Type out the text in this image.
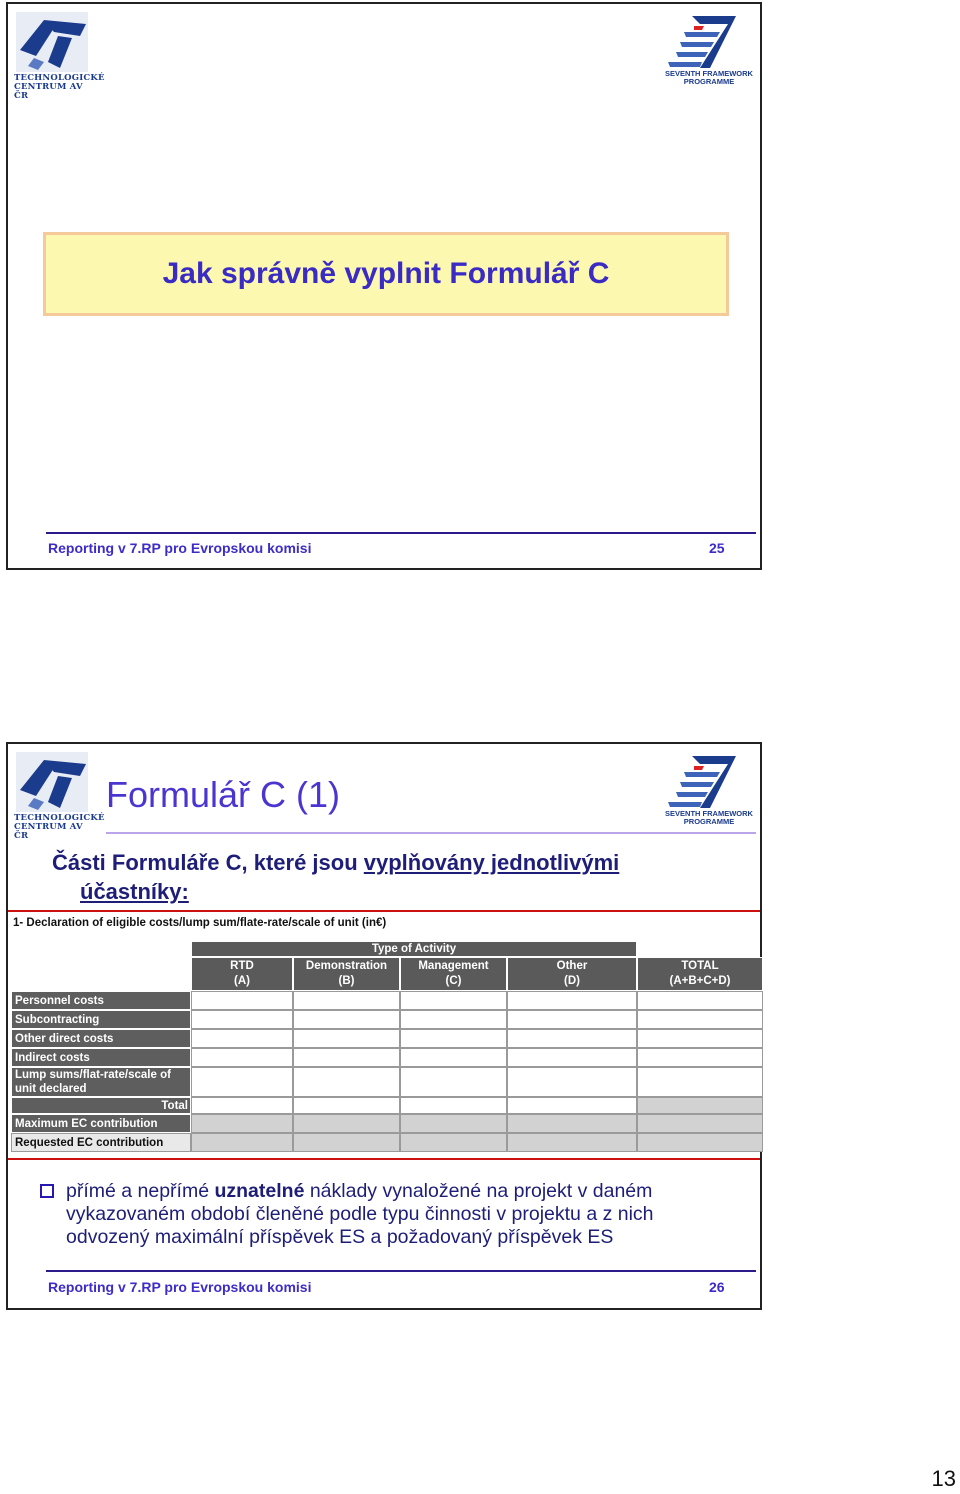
TECHNOLOGICKÉ
CENTRUM AV ČR
SEVENTH FRAMEWORK
PROGRAMME
Jak správně vyplnit Formulář C
Reporting v 7.RP pro Evropskou komisi	25
TECHNOLOGICKÉ
CENTRUM AV ČR
SEVENTH FRAMEWORK
PROGRAMME
Formulář C (1)
Části Formuláře C, které jsou vyplňovány jednotlivými
účastníky:
1- Declaration of eligible costs/lump sum/flate-rate/scale of unit (in€)
Type of Activity
RTD
(A)
Demonstration
(B)
Management
(C)
Other
(D)
TOTAL
(A+B+C+D)
Personnel costs
Subcontracting
Other direct costs
Indirect costs
Lump sums/flat-rate/scale of unit declared
Total
Maximum EC contribution
Requested EC contribution
přímé a nepřímé uznatelné náklady vynaložené na projekt v daném vykazovaném období členěné podle typu činnosti v projektu a z nich odvozený maximální příspěvek ES a požadovaný příspěvek ES
Reporting v 7.RP pro Evropskou komisi	26
13
